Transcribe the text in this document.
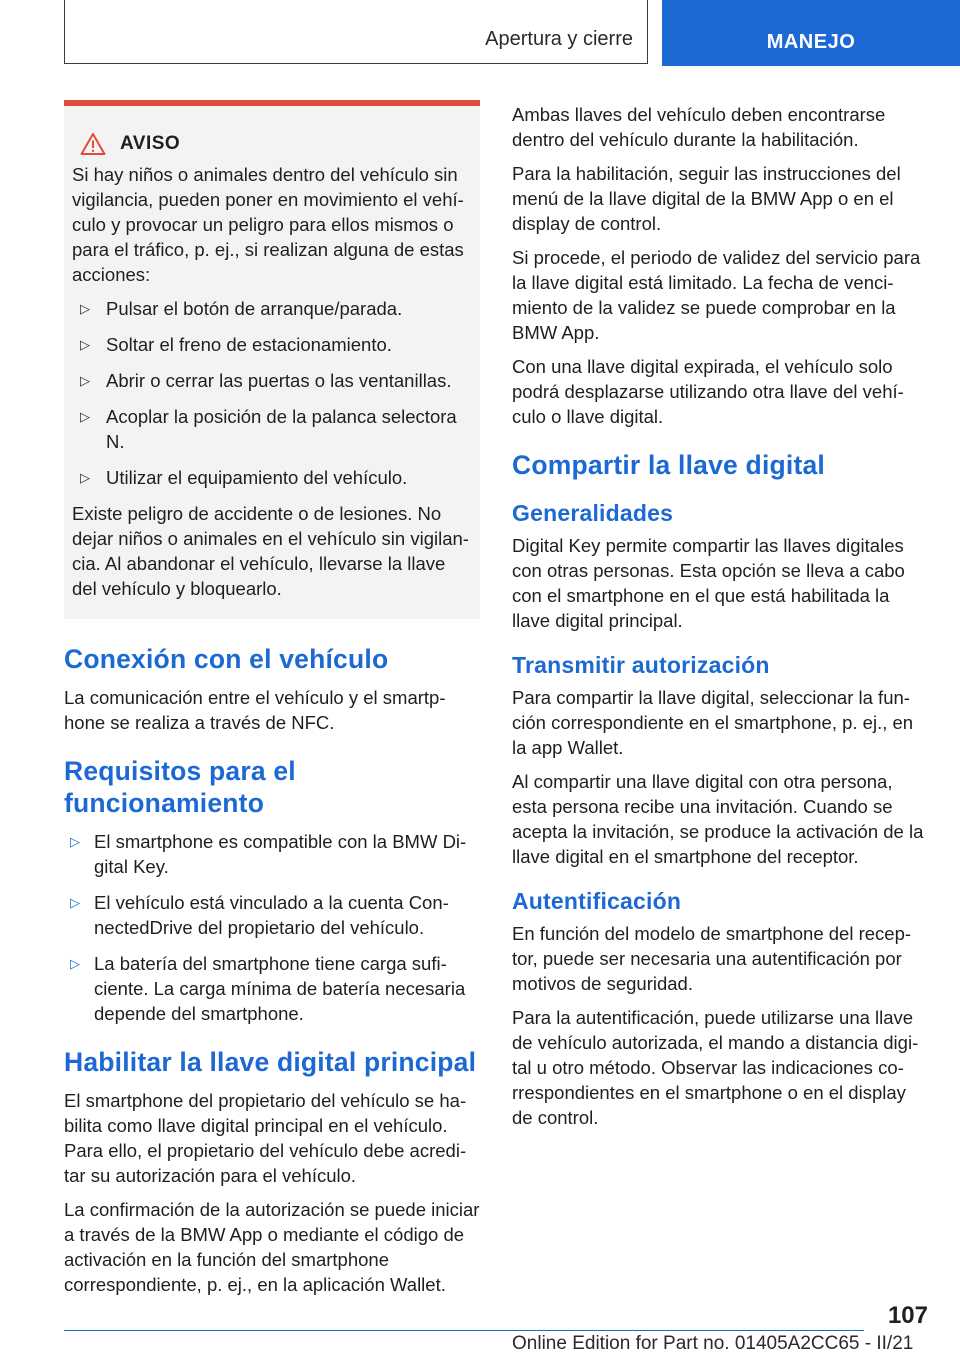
Apertura y cierre	MANEJO
AVISO

Si hay niños o animales dentro del vehículo sin vigilancia, pueden poner en movimiento el vehículo y provocar un peligro para ellos mismos o para el tráfico, p. ej., si realizan alguna de estas acciones:

▷ Pulsar el botón de arranque/parada.
▷ Soltar el freno de estacionamiento.
▷ Abrir o cerrar las puertas o las ventanillas.
▷ Acoplar la posición de la palanca selectora N.
▷ Utilizar el equipamiento del vehículo.

Existe peligro de accidente o de lesiones. No dejar niños o animales en el vehículo sin vigilancia. Al abandonar el vehículo, llevarse la llave del vehículo y bloquearlo.

Conexión con el vehículo

La comunicación entre el vehículo y el smartphone se realiza a través de NFC.

Requisitos para el funcionamiento
▷ El smartphone es compatible con la BMW Digital Key.
▷ El vehículo está vinculado a la cuenta ConnectedDrive del propietario del vehículo.
▷ La batería del smartphone tiene carga suficiente. La carga mínima de batería necesaria depende del smartphone.
Habilitar la llave digital principal

El smartphone del propietario del vehículo se habilita como llave digital principal en el vehículo. Para ello, el propietario del vehículo debe acreditar su autorización para el vehículo.

La confirmación de la autorización se puede iniciar a través de la BMW App o mediante el código de activación en la función del smartphone correspondiente, p. ej., en la aplicación Wallet.

Ambas llaves del vehículo deben encontrarse dentro del vehículo durante la habilitación.

Para la habilitación, seguir las instrucciones del menú de la llave digital de la BMW App o en el display de control.

Si procede, el periodo de validez del servicio para la llave digital está limitado. La fecha de vencimiento de la validez se puede comprobar en la BMW App.

Con una llave digital expirada, el vehículo solo podrá desplazarse utilizando otra llave del vehículo o llave digital.

Compartir la llave digital
Generalidades

Digital Key permite compartir las llaves digitales con otras personas. Esta opción se lleva a cabo con el smartphone en el que está habilitada la llave digital principal.

Transmitir autorización

Para compartir la llave digital, seleccionar la función correspondiente en el smartphone, p. ej., en la app Wallet.

Al compartir una llave digital con otra persona, esta persona recibe una invitación. Cuando se acepta la invitación, se produce la activación de la llave digital en el smartphone del receptor.

Autentificación

En función del modelo de smartphone del receptor, puede ser necesaria una autentificación por motivos de seguridad.

Para la autentificación, puede utilizarse una llave de vehículo autorizada, el mando a distancia digital u otro método. Observar las indicaciones correspondientes en el smartphone o en el display de control.

107
Online Edition for Part no. 01405A2CC65 - II/21
